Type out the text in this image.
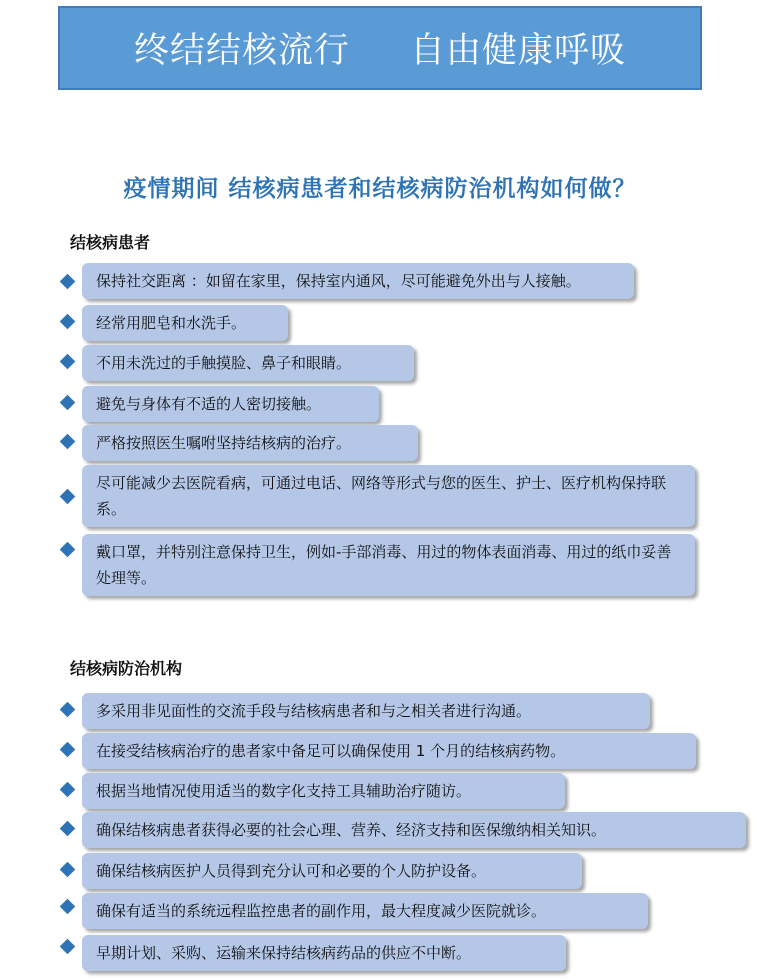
终结结核流行 自由健康呼吸
疫情期间 结核病患者和结核病防治机构如何做？
结核病患者
保持社交距离 ：如留在家里，保持室内通风，尽可能避免外出与人接触。
经常用肥皂和水洗手。
不用未洗过的手触摸脸、鼻子和眼睛。
避免与身体有不适的人密切接触。
严格按照医生嘱咐坚持结核病的治疗。
尽可能减少去医院看病，可通过电话、网络等形式与您的医生、护士、医疗机构保持联系。
戴口罩，并特别注意保持卫生，例如-手部消毒、用过的物体表面消毒、用过的纸巾妥善处理等。
结核病防治机构
多采用非见面性的交流手段与结核病患者和与之相关者进行沟通。
在接受结核病治疗的患者家中备足可以确保使用 1 个月的结核病药物。
根据当地情况使用适当的数字化支持工具辅助治疗随访。
确保结核病患者获得必要的社会心理、营养、经济支持和医保缴纳相关知识。
确保结核病医护人员得到充分认可和必要的个人防护设备。
确保有适当的系统远程监控患者的副作用，最大程度减少医院就诊。
早期计划、采购、运输来保持结核病药品的供应不中断。
